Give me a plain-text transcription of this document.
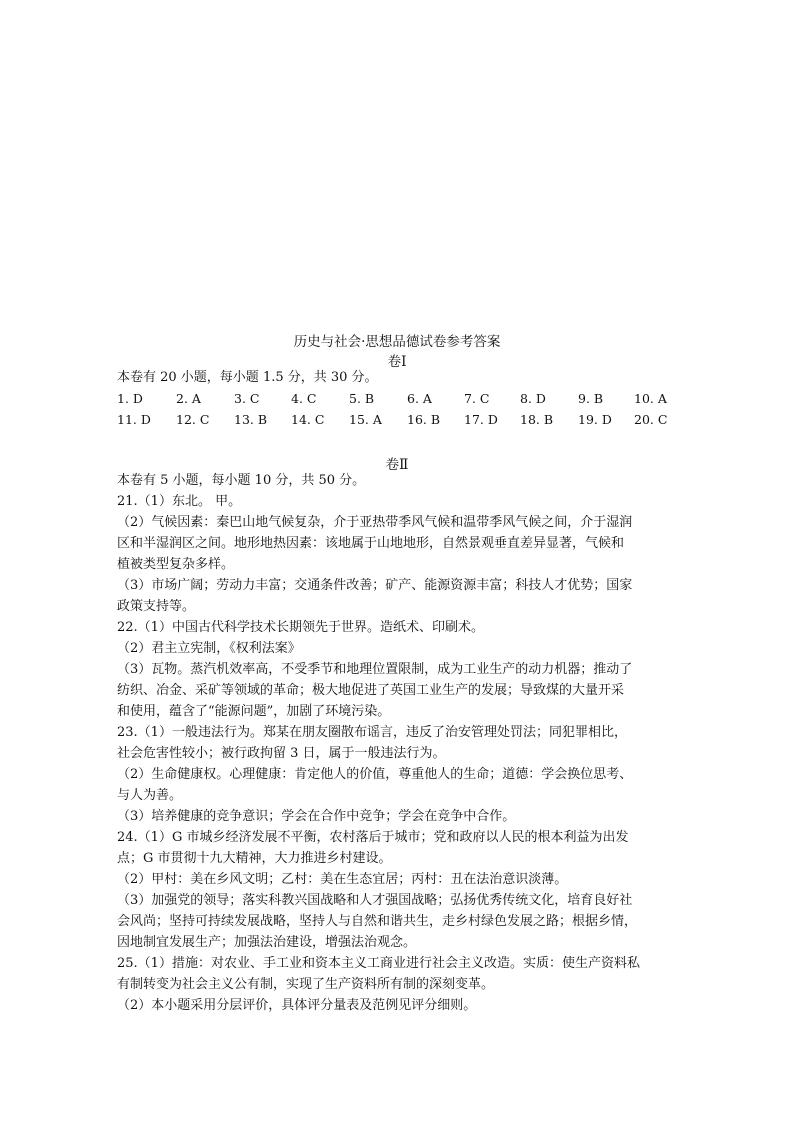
历史与社会·思想品德试卷参考答案
卷Ⅰ
本卷有 20 小题，每小题 1.5 分，共 30 分。
1. D	2. A	3. C	4. C	5. B	6. A	7. C 8. D	9. B 10. A
11. D 12. C 13. B 14. C 15. A 16. B 17. D 18. B 19. D 20. C
卷Ⅱ
本卷有 5 小题，每小题 10 分，共 50 分。
21.（1）东北。 甲。
（2）气候因素：秦巴山地气候复杂，介于亚热带季风气候和温带季风气候之间，介于湿润
区和半湿润区之间。地形地热因素：该地属于山地地形，自然景观垂直差异显著，气候和
植被类型复杂多样。
（3）市场广阔；劳动力丰富；交通条件改善；矿产、能源资源丰富；科技人才优势；国家
政策支持等。
22.（1）中国古代科学技术长期领先于世界。造纸术、印刷术。
（2）君主立宪制，《权利法案》
（3）瓦物。蒸汽机效率高，不受季节和地理位置限制，成为工业生产的动力机器；推动了
纺织、冶金、采矿等领域的革命；极大地促进了英国工业生产的发展；导致煤的大量开采
和使用，蕴含了“能源问题”，加剧了环境污染。
23.（1）一般违法行为。郑某在朋友圈散布谣言，违反了治安管理处罚法；同犯罪相比，
社会危害性较小；被行政拘留 3 日，属于一般违法行为。
（2）生命健康权。心理健康：肯定他人的价值，尊重他人的生命；道德：学会换位思考、
与人为善。
（3）培养健康的竞争意识；学会在合作中竞争；学会在竞争中合作。
24.（1）G 市城乡经济发展不平衡，农村落后于城市；党和政府以人民的根本利益为出发
点；G 市贯彻十九大精神，大力推进乡村建设。
（2）甲村：美在乡风文明；乙村：美在生态宜居；丙村：丑在法治意识淡薄。
（3）加强党的领导；落实科教兴国战略和人才强国战略；弘扬优秀传统文化，培育良好社
会风尚；坚持可持续发展战略，坚持人与自然和谐共生，走乡村绿色发展之路；根据乡情，
因地制宜发展生产；加强法治建设，增强法治观念。
25.（1）措施：对农业、手工业和资本主义工商业进行社会主义改造。实质：使生产资料私
有制转变为社会主义公有制，实现了生产资料所有制的深刻变革。
（2）本小题采用分层评价，具体评分量表及范例见评分细则。
